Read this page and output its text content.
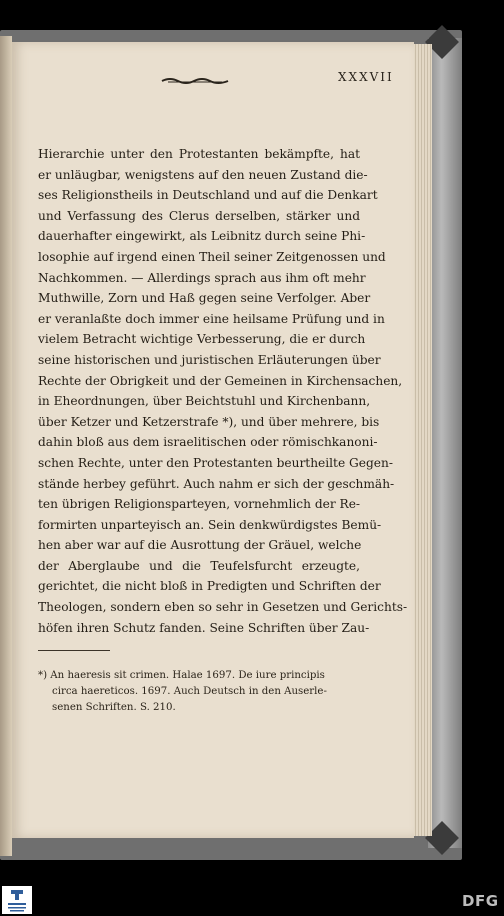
XXXVII
Hierarchie unter den Protestanten bekämpfte, hat
er unläugbar, wenigstens auf den neuen Zustand die-
ses Religionstheils in Deutschland und auf die Denkart
und Verfassung des Clerus derselben, stärker und
dauerhafter eingewirkt, als Leibnitz durch seine Phi-
losophie auf irgend einen Theil seiner Zeitgenossen und
Nachkommen. — Allerdings sprach aus ihm oft mehr
Muthwille, Zorn und Haß gegen seine Verfolger. Aber
er veranlaßte doch immer eine heilsame Prüfung und in
vielem Betracht wichtige Verbesserung, die er durch
seine historischen und juristischen Erläuterungen über
Rechte der Obrigkeit und der Gemeinen in Kirchensachen,
in Eheordnungen, über Beichtstuhl und Kirchenbann,
über Ketzer und Ketzerstrafe *), und über mehrere, bis
dahin bloß aus dem israelitischen oder römischkanoni-
schen Rechte, unter den Protestanten beurtheilte Gegen-
stände herbey geführt. Auch nahm er sich der geschmäh-
ten übrigen Religionsparteyen, vornehmlich der Re-
formirten unparteyisch an. Sein denkwürdigstes Bemü-
hen aber war auf die Ausrottung der Gräuel, welche
der Aberglaube und die Teufelsfurcht erzeugte,
gerichtet, die nicht bloß in Predigten und Schriften der
Theologen, sondern eben so sehr in Gesetzen und Gerichts-
höfen ihren Schutz fanden. Seine Schriften über Zau-
*) An haeresis sit crimen. Halae 1697. De iure principis
circa haereticos. 1697. Auch Deutsch in den Auserle-
senen Schriften. S. 210.
DFG
